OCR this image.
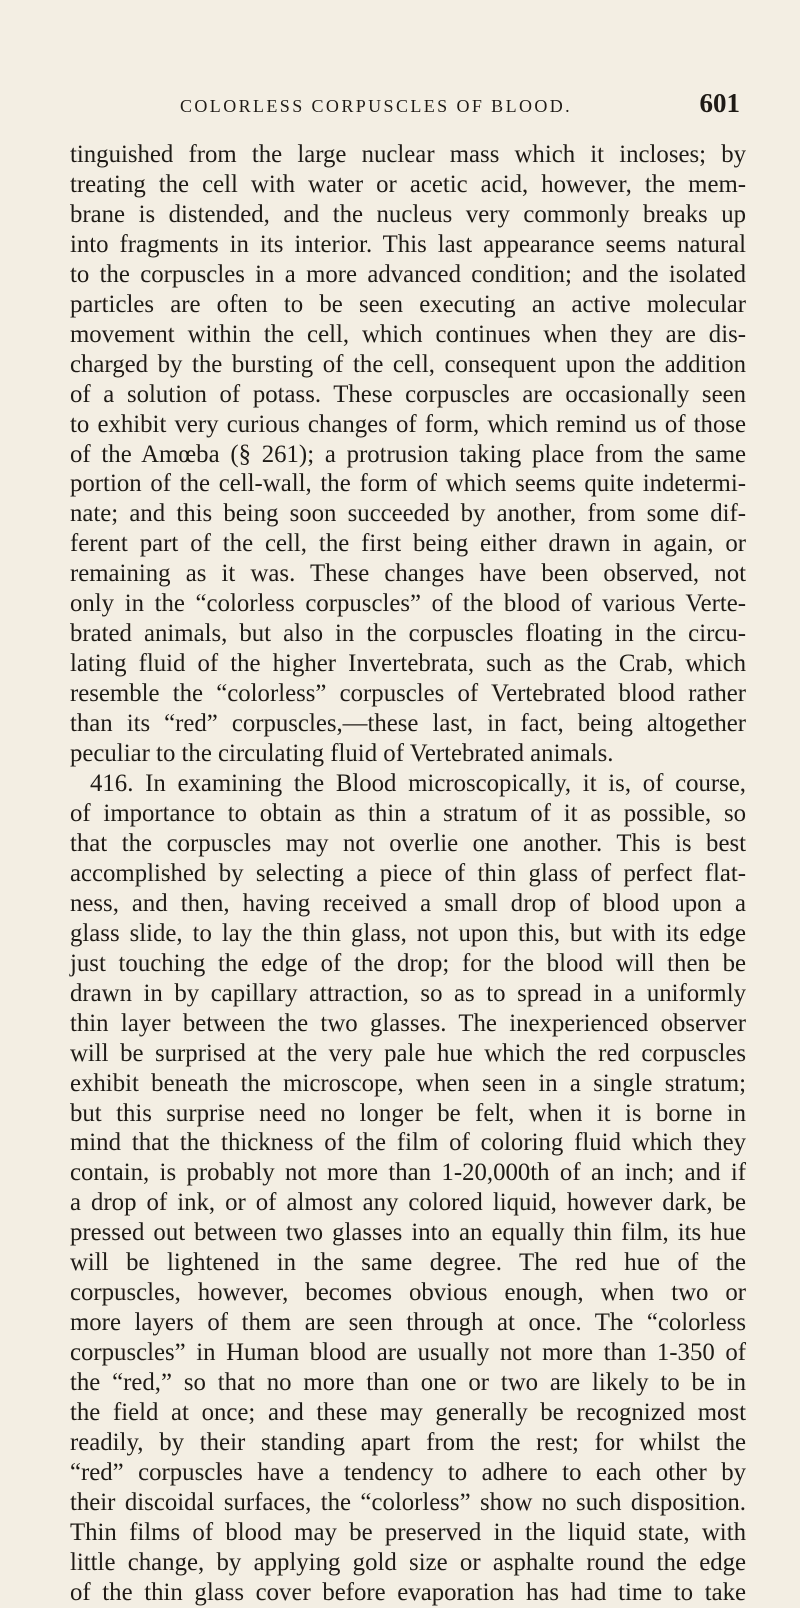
COLORLESS CORPUSCLES OF BLOOD.	601
tinguished from the large nuclear mass which it incloses; by
treating the cell with water or acetic acid, however, the mem-
brane is distended, and the nucleus very commonly breaks up
into fragments in its interior. This last appearance seems natural
to the corpuscles in a more advanced condition; and the isolated
particles are often to be seen executing an active molecular
movement within the cell, which continues when they are dis-
charged by the bursting of the cell, consequent upon the addition
of a solution of potass. These corpuscles are occasionally seen
to exhibit very curious changes of form, which remind us of those
of the Amœba (§ 261); a protrusion taking place from the same
portion of the cell-wall, the form of which seems quite indetermi-
nate; and this being soon succeeded by another, from some dif-
ferent part of the cell, the first being either drawn in again, or
remaining as it was. These changes have been observed, not
only in the “colorless corpuscles” of the blood of various Verte-
brated animals, but also in the corpuscles floating in the circu-
lating fluid of the higher Invertebrata, such as the Crab, which
resemble the “colorless” corpuscles of Vertebrated blood rather
than its “red” corpuscles,—these last, in fact, being altogether
peculiar to the circulating fluid of Vertebrated animals.
416. In examining the Blood microscopically, it is, of course,
of importance to obtain as thin a stratum of it as possible, so
that the corpuscles may not overlie one another. This is best
accomplished by selecting a piece of thin glass of perfect flat-
ness, and then, having received a small drop of blood upon a
glass slide, to lay the thin glass, not upon this, but with its edge
just touching the edge of the drop; for the blood will then be
drawn in by capillary attraction, so as to spread in a uniformly
thin layer between the two glasses. The inexperienced observer
will be surprised at the very pale hue which the red corpuscles
exhibit beneath the microscope, when seen in a single stratum;
but this surprise need no longer be felt, when it is borne in
mind that the thickness of the film of coloring fluid which they
contain, is probably not more than 1-20,000th of an inch; and if
a drop of ink, or of almost any colored liquid, however dark, be
pressed out between two glasses into an equally thin film, its hue
will be lightened in the same degree. The red hue of the
corpuscles, however, becomes obvious enough, when two or
more layers of them are seen through at once. The “colorless
corpuscles” in Human blood are usually not more than 1-350 of
the “red,” so that no more than one or two are likely to be in
the field at once; and these may generally be recognized most
readily, by their standing apart from the rest; for whilst the
“red” corpuscles have a tendency to adhere to each other by
their discoidal surfaces, the “colorless” show no such disposition.
Thin films of blood may be preserved in the liquid state, with
little change, by applying gold size or asphalte round the edge
of the thin glass cover before evaporation has had time to take
